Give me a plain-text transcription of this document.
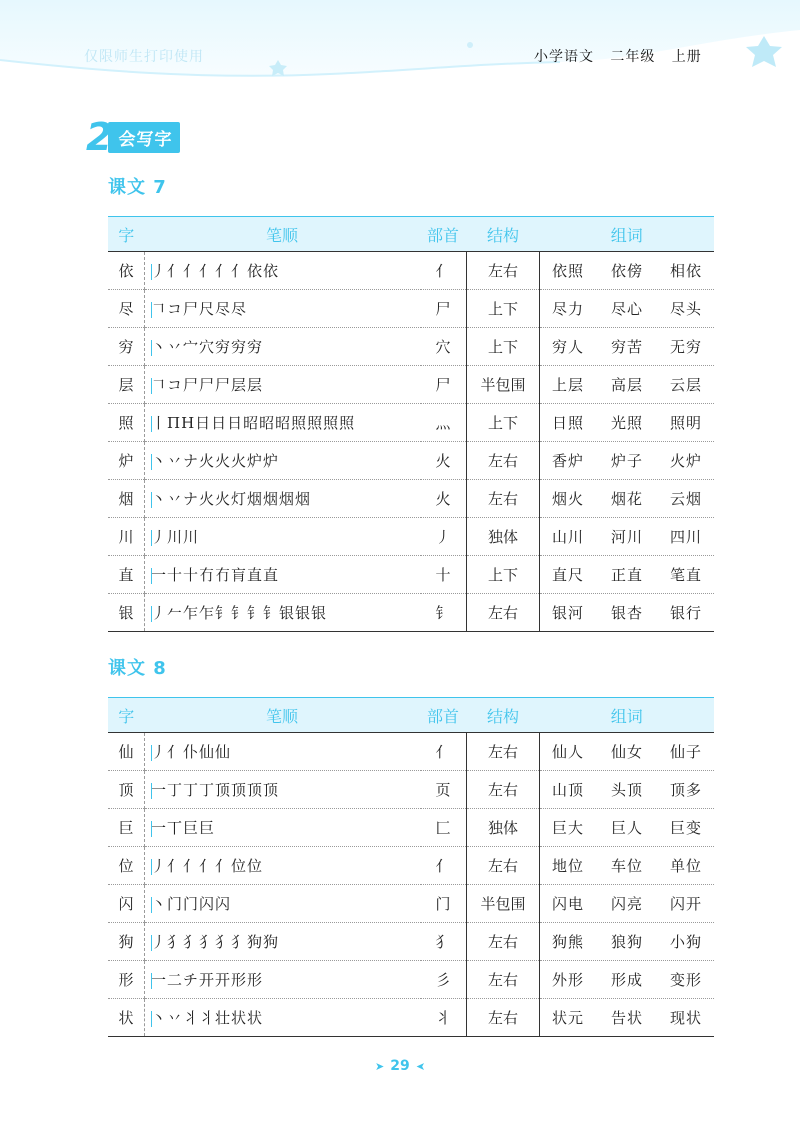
仅限师生打印使用	小学语文   二年级   上册
2 会写字
课文 7
字	笔顺	部首	结构	组词
依	丿亻亻亻亻亻依依	亻	左右	依照 依傍 相依

尽	𠃍コ尸尺尽尽	尸	上下	尽力 尽心 尽头

穷	丶丷宀穴穷穷穷	穴	上下	穷人 穷苦 无穷

层	𠃍コ尸尸尸层层	尸	半包围	上层 高层 云层

照	丨ΠΗ日日日昭昭昭照照照照	灬	上下	日照 光照 照明

炉	丶丷ナ火火火炉炉	火	左右	香炉 炉子 火炉

烟	丶丷ナ火火灯烟烟烟烟	火	左右	烟火 烟花 云烟

川	丿川川	丿	独体	山川 河川 四川

直	一十十冇冇肓直直	十	上下	直尺 正直 笔直

银	丿𠂉乍乍钅钅钅钅银银银	钅	左右	银河 银杏 银行
课文 8
字	笔顺	部首	结构	组词
仙	丿亻仆仙仙	亻	左右	仙人 仙女 仙子

顶	一丁丁丁顶顶顶顶	页	左右	山顶 头顶 顶多

巨	一丅巨巨	匚	独体	巨大 巨人 巨变

位	丿亻亻亻亻位位	亻	左右	地位 车位 单位

闪	丶门门闪闪	门	半包围	闪电 闪亮 闪开

狗	丿犭犭犭犭犭狗狗	犭	左右	狗熊 狼狗 小狗

形	一二チ开开形形	彡	左右	外形 形成 变形

状	丶丷丬丬壮状状	丬	左右	状元 告状 现状
➤ 29 ➤
